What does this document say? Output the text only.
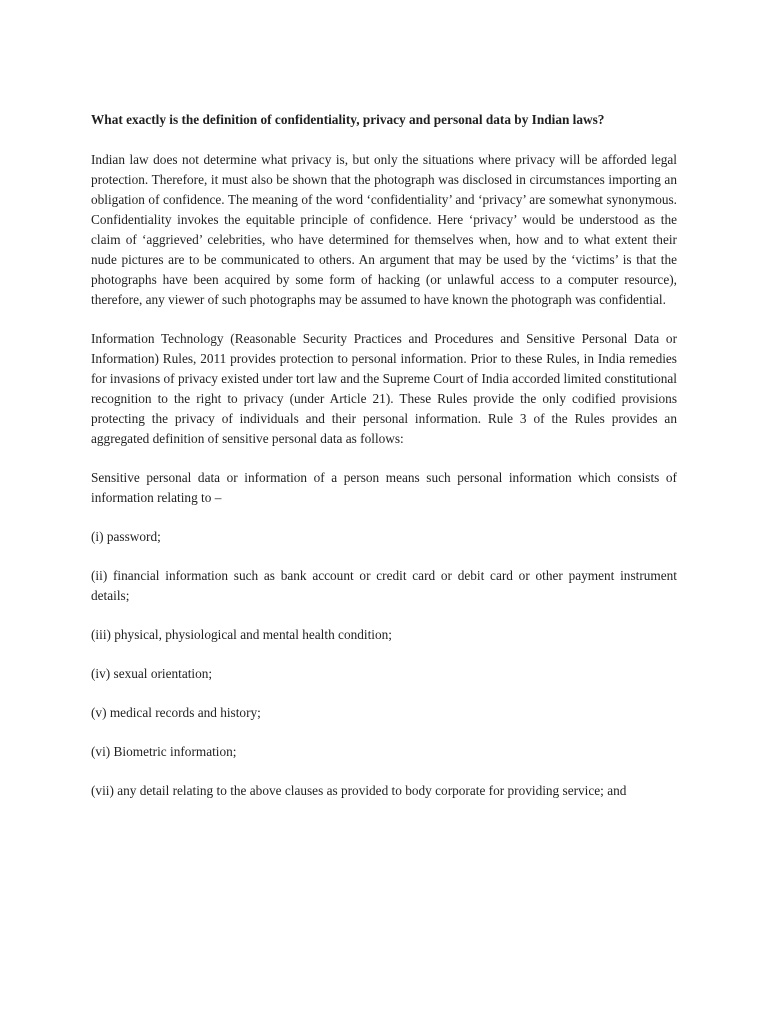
What exactly is the definition of confidentiality, privacy and personal data by Indian laws?
Indian law does not determine what privacy is, but only the situations where privacy will be afforded legal protection. Therefore, it must also be shown that the photograph was disclosed in circumstances importing an obligation of confidence. The meaning of the word ‘confidentiality’ and ‘privacy’ are somewhat synonymous. Confidentiality invokes the equitable principle of confidence. Here ‘privacy’ would be understood as the claim of ‘aggrieved’ celebrities, who have determined for themselves when, how and to what extent their nude pictures are to be communicated to others. An argument that may be used by the ‘victims’ is that the photographs have been acquired by some form of hacking (or unlawful access to a computer resource), therefore, any viewer of such photographs may be assumed to have known the photograph was confidential.
Information Technology (Reasonable Security Practices and Procedures and Sensitive Personal Data or Information) Rules, 2011 provides protection to personal information. Prior to these Rules, in India remedies for invasions of privacy existed under tort law and the Supreme Court of India accorded limited constitutional recognition to the right to privacy (under Article 21). These Rules provide the only codified provisions protecting the privacy of individuals and their personal information. Rule 3 of the Rules provides an aggregated definition of sensitive personal data as follows:
Sensitive personal data or information of a person means such personal information which consists of information relating to –
(i) password;
(ii) financial information such as bank account or credit card or debit card or other payment instrument details;
(iii) physical, physiological and mental health condition;
(iv) sexual orientation;
(v) medical records and history;
(vi) Biometric information;
(vii) any detail relating to the above clauses as provided to body corporate for providing service; and
